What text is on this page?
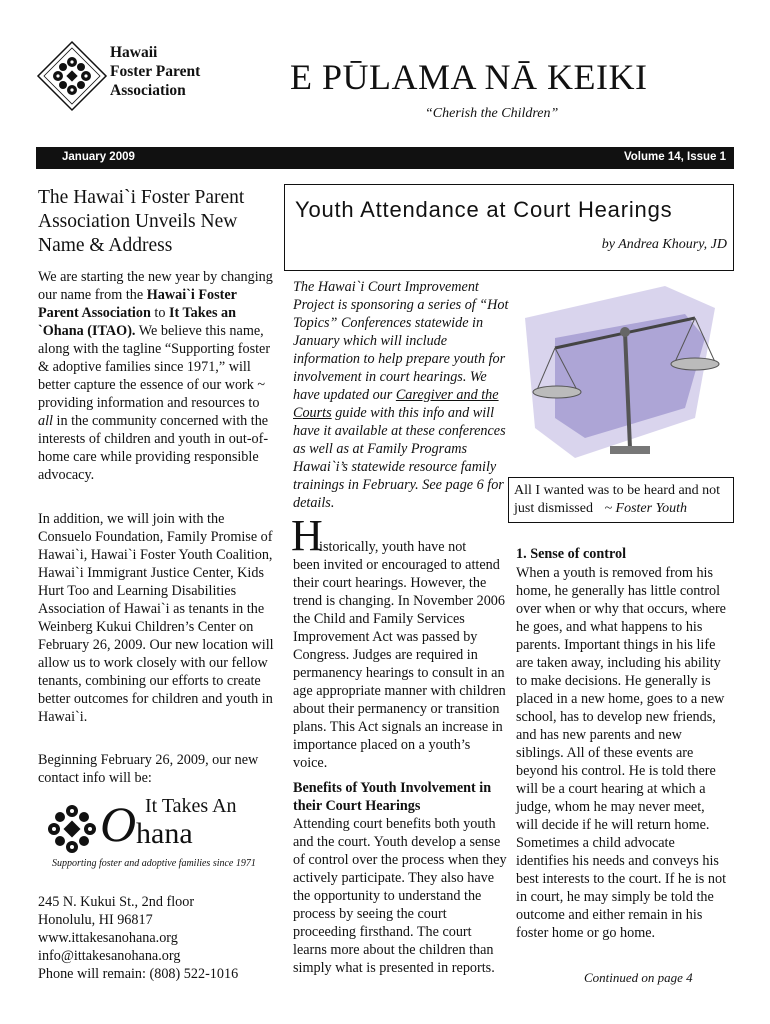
Hawaii
Foster Parent
Association	E PŪLAMA NĀ KEIKI
“Cherish the Children”
January 2009	Volume 14, Issue 1
The Hawai`i Foster Parent Association Unveils New Name & Address
We are starting the new year by changing our name from the Hawai`i Foster Parent Association to It Takes an `Ohana (ITAO). We believe this name, along with the tagline “Supporting foster & adoptive families since 1971,” will better capture the essence of our work ~ providing information and resources to all in the community concerned with the interests of children and youth in out-of-home care while providing responsible advocacy.
In addition, we will join with the Consuelo Foundation, Family Promise of Hawai`i, Hawai`i Foster Youth Coalition, Hawai`i Immigrant Justice Center, Kids Hurt Too and Learning Disabilities Association of Hawai`i as tenants in the Weinberg Kukui Children’s Center on February 26, 2009. Our new location will allow us to work closely with our fellow tenants, combining our efforts to create better outcomes for children and youth in Hawai`i.
Beginning February 26, 2009, our new contact info will be:
It Takes An
O hana
Supporting foster and adoptive families since 1971
245 N. Kukui St., 2nd floor
Honolulu, HI 96817
www.ittakesanohana.org
info@ittakesanohana.org
Phone will remain: (808) 522-1016
Youth Attendance at Court Hearings
by Andrea Khoury, JD
The Hawai`i Court Improvement Project is sponsoring a series of “Hot Topics” Conferences statewide in January which will include information to help prepare youth for involvement in court hearings. We have updated our Caregiver and the Courts guide with this info and will have it available at these conferences as well as at Family Programs Hawai`i’s statewide resource family trainings in February. See page 6 for details.
All I wanted was to be heard and not just dismissed ~ Foster Youth
H
istorically, youth have not
been invited or encouraged to attend their court hearings. However, the trend is changing. In November 2006 the Child and Family Services Improvement Act was passed by Congress. Judges are required in permanency hearings to consult in an age appropriate manner with children about their permanency or transition plans. This Act signals an increase in importance placed on a youth’s voice.
Benefits of Youth Involvement in their Court Hearings
Attending court benefits both youth and the court. Youth develop a sense of control over the process when they actively participate. They also have the opportunity to understand the process by seeing the court proceeding firsthand. The court learns more about the children than simply what is presented in reports.
1. Sense of control
When a youth is removed from his home, he generally has little control over when or why that occurs, where he goes, and what happens to his parents. Important things in his life are taken away, including his ability to make decisions. He generally is placed in a new home, goes to a new school, has to develop new friends, and has new parents and new siblings. All of these events are beyond his control. He is told there will be a court hearing at which a judge, whom he may never meet, will decide if he will return home. Sometimes a child advocate identifies his needs and conveys his best interests to the court. If he is not in court, he may simply be told the outcome and either remain in his foster home or go home.
Continued on page 4
